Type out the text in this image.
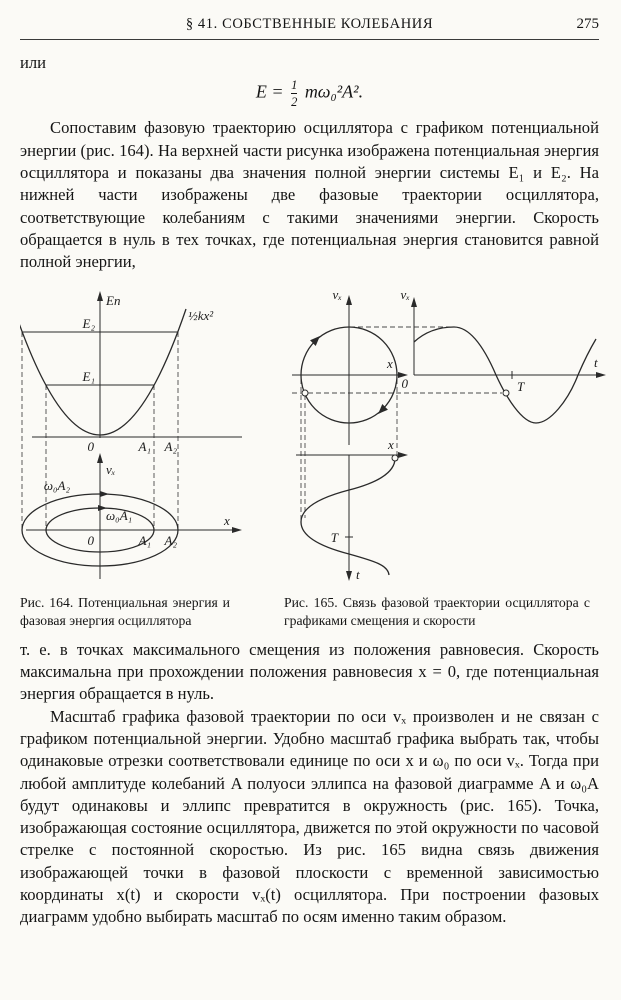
§ 41. СОБСТВЕННЫЕ КОЛЕБАНИЯ	275

или

$E = \frac{1}{2} m\omega_0^2A^2$.

Сопоставим фазовую траекторию осциллятора с графиком потенциальной энергии (рис. 164). На верхней части рисунка изображена потенциальная энергия осциллятора и показаны два значения полной энергии системы E₁ и E₂. На нижней части изображены две фазовые траектории осциллятора, соответствующие колебаниям с такими значениями энергии. Скорость обращается в нуль в тех точках, где потенциальная энергия становится равной полной энергии,

Eп
E₂
E₁
½kx²
0	A₁ A₂
vₓ
ω₀A₂
ω₀A₁
0	A₁ A₂
x

Рис. 164. Потенциальная энергия и фазовая энергия осциллятора

vₓ
x
0
vₓ
t
T
x
t
T

Рис. 165. Связь фазовой траектории осциллятора с графиками смещения и скорости

т. е. в точках максимального смещения из положения равновесия. Скорость максимальна при прохождении положения равновесия x = 0, где потенциальная энергия обращается в нуль.

Масштаб графика фазовой траектории по оси vₓ произволен и не связан с графиком потенциальной энергии. Удобно масштаб графика выбрать так, чтобы одинаковые отрезки соответствовали единице по оси x и ω₀ по оси vₓ. Тогда при любой амплитуде колебаний A полуоси эллипса на фазовой диаграмме A и ω₀A будут одинаковы и эллипс превратится в окружность (рис. 165). Точка, изображающая состояние осциллятора, движется по этой окружности по часовой стрелке с постоянной скоростью. Из рис. 165 видна связь движения изображающей точки в фазовой плоскости с временной зависимостью координаты x(t) и скорости vₓ(t) осциллятора. При построении фазовых диаграмм удобно выбирать масштаб по осям именно таким образом.
